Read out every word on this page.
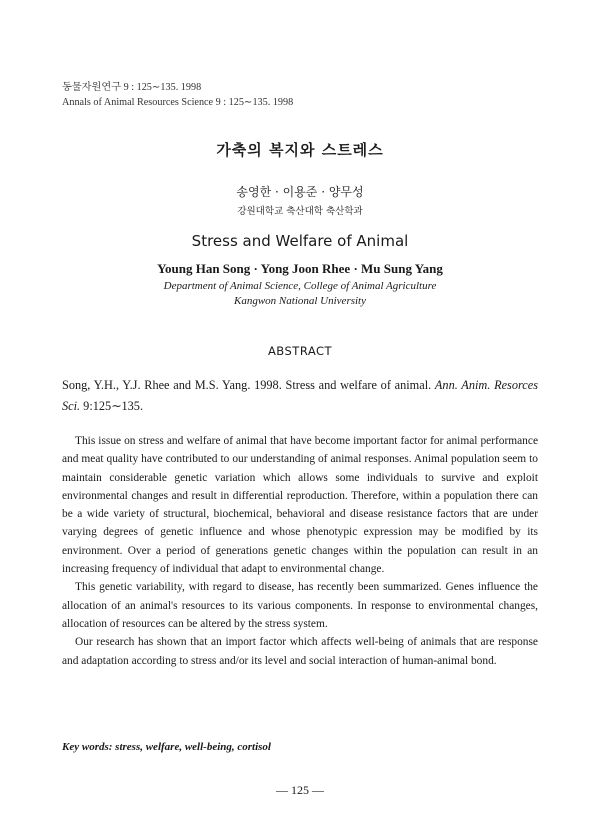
동물자원연구 9 : 125∼135. 1998
Annals of Animal Resources Science 9 : 125∼135. 1998
가축의 복지와 스트레스
송영한 · 이용준 · 양무성
강원대학교 축산대학 축산학과
Stress and Welfare of Animal
Young Han Song · Yong Joon Rhee · Mu Sung Yang
Department of Animal Science, College of Animal Agriculture
Kangwon National University
ABSTRACT
Song, Y.H., Y.J. Rhee and M.S. Yang. 1998. Stress and welfare of animal. Ann. Anim. Resorces Sci. 9:125∼135.

This issue on stress and welfare of animal that have become important factor for animal performance and meat quality have contributed to our understanding of animal responses. Animal population seem to maintain considerable genetic variation which allows some individuals to survive and exploit environmental changes and result in differential reproduction. Therefore, within a population there can be a wide variety of structural, biochemical, behavioral and disease resistance factors that are under varying degrees of genetic influence and whose phenotypic expression may be modified by its environment. Over a period of generations genetic changes within the population can result in an increasing frequency of individual that adapt to environmental change.

This genetic variability, with regard to disease, has recently been summarized. Genes influence the allocation of an animal's resources to its various components. In response to environmental changes, allocation of resources can be altered by the stress system.

Our research has shown that an import factor which affects well-being of animals that are response and adaptation according to stress and/or its level and social interaction of human-animal bond.

Key words: stress, welfare, well-being, cortisol
— 125 —
